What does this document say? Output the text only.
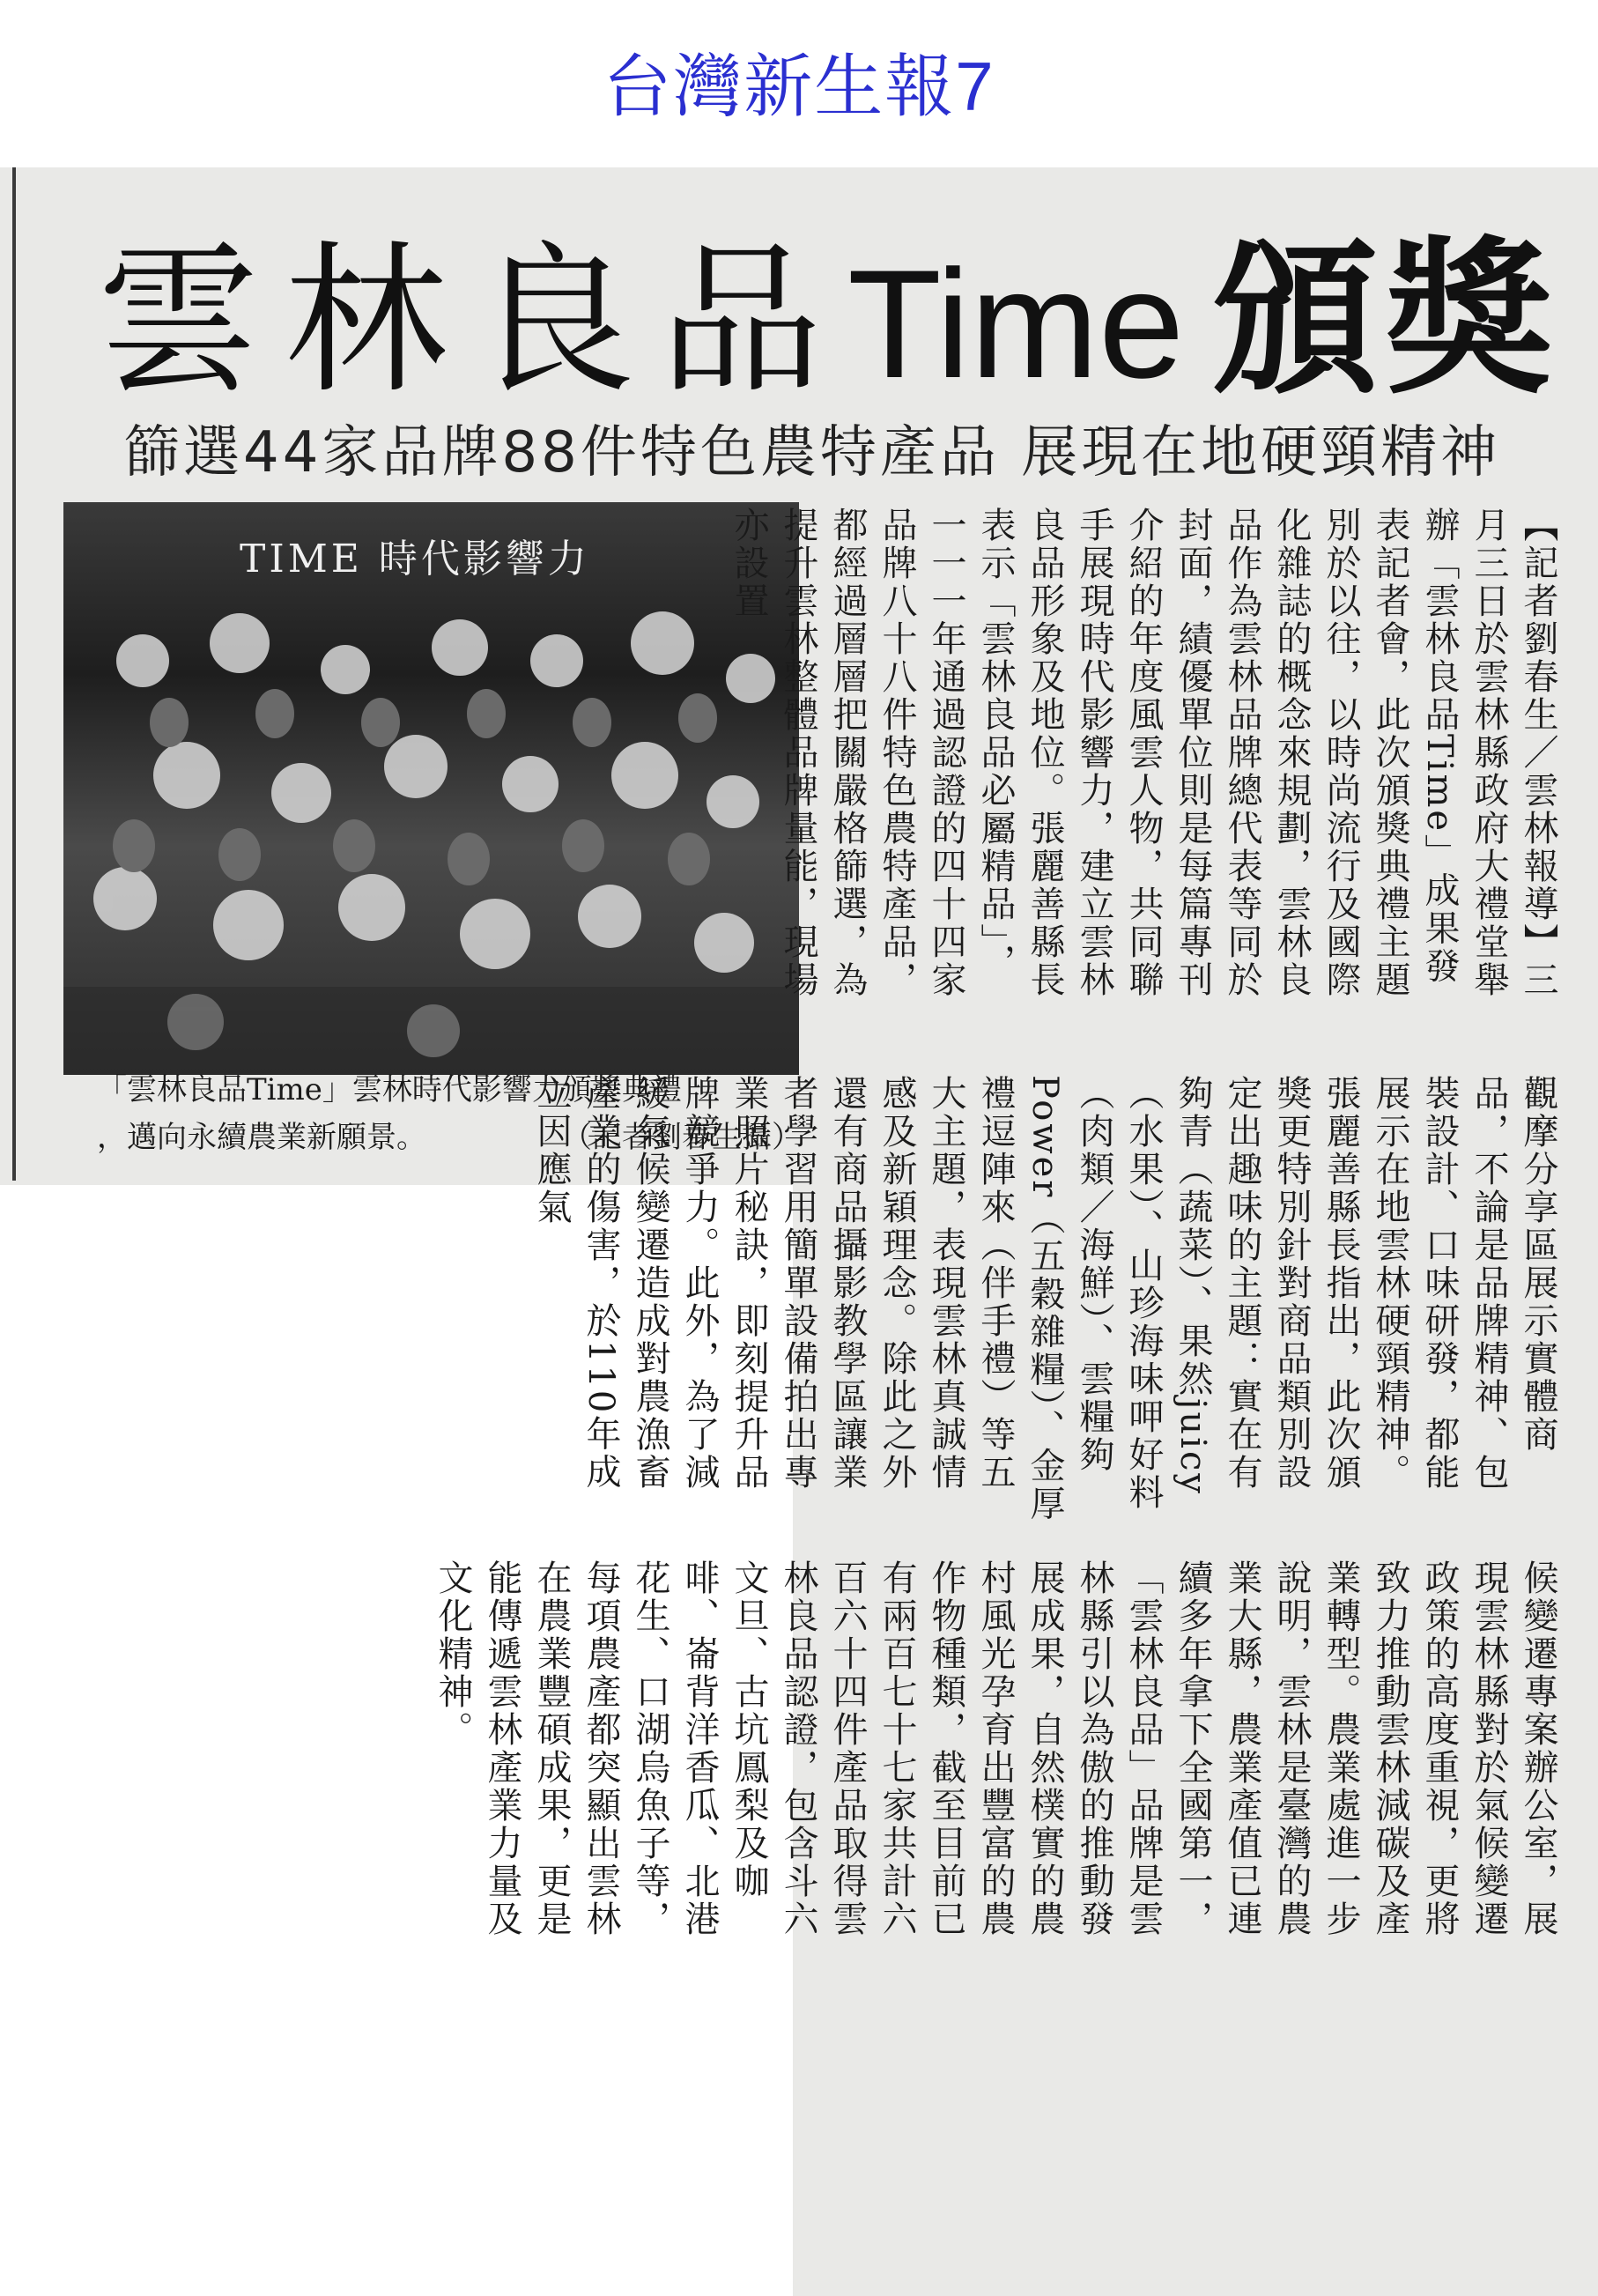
台灣新生報7
雲林良品Time 頒獎
篩選44家品牌88件特色農特產品 展現在地硬頸精神
TIME 時代影響力
「雲林良品Time」雲林時代影響力頒獎典禮
，邁向永續農業新願景。	（記者劉春生攝）
【記者劉春生／雲林報導】三月三日於雲林縣政府大禮堂舉辦「雲林良品Time」成果發表記者會，此次頒獎典禮主題別於以往，以時尚流行及國際化雜誌的概念來規劃，雲林良品作為雲林品牌總代表等同於封面，績優單位則是每篇專刊介紹的年度風雲人物，共同聯手展現時代影響力，建立雲林良品形象及地位。張麗善縣長表示「雲林良品必屬精品」，一一一年通過認證的四十四家品牌八十八件特色農特產品，都經過層層把關嚴格篩選，為提升雲林整體品牌量能，現場亦設置
觀摩分享區展示實體商品，不論是品牌精神、包裝設計、口味研發，都能展示在地雲林硬頸精神。張麗善縣長指出，此次頒獎更特別針對商品類別設定出趣味的主題：實在有夠青（蔬菜）、果然juicy（水果）、山珍海味呷好料（肉類／海鮮）、雲糧夠Power（五穀雜糧）、金厚禮逗陣來（伴手禮）等五大主題，表現雲林真誠情感及新穎理念。除此之外還有商品攝影教學區讓業者學習用簡單設備拍出專業照片秘訣，即刻提升品牌競爭力。此外，為了減緩氣候變遷造成對農漁畜產業的傷害，於110年成立因應氣
候變遷專案辦公室，展現雲林縣對於氣候變遷政策的高度重視，更將致力推動雲林減碳及產業轉型。農業處進一步說明，雲林是臺灣的農業大縣，農業產值已連續多年拿下全國第一，「雲林良品」品牌是雲林縣引以為傲的推動發展成果，自然樸實的農村風光孕育出豐富的農作物種類，截至目前已有兩百七十七家共計六百六十四件產品取得雲林良品認證，包含斗六文旦、古坑鳳梨及咖啡、崙背洋香瓜、北港花生、口湖烏魚子等，每項農產都突顯出雲林在農業豐碩成果，更是能傳遞雲林產業力量及文化精神。
